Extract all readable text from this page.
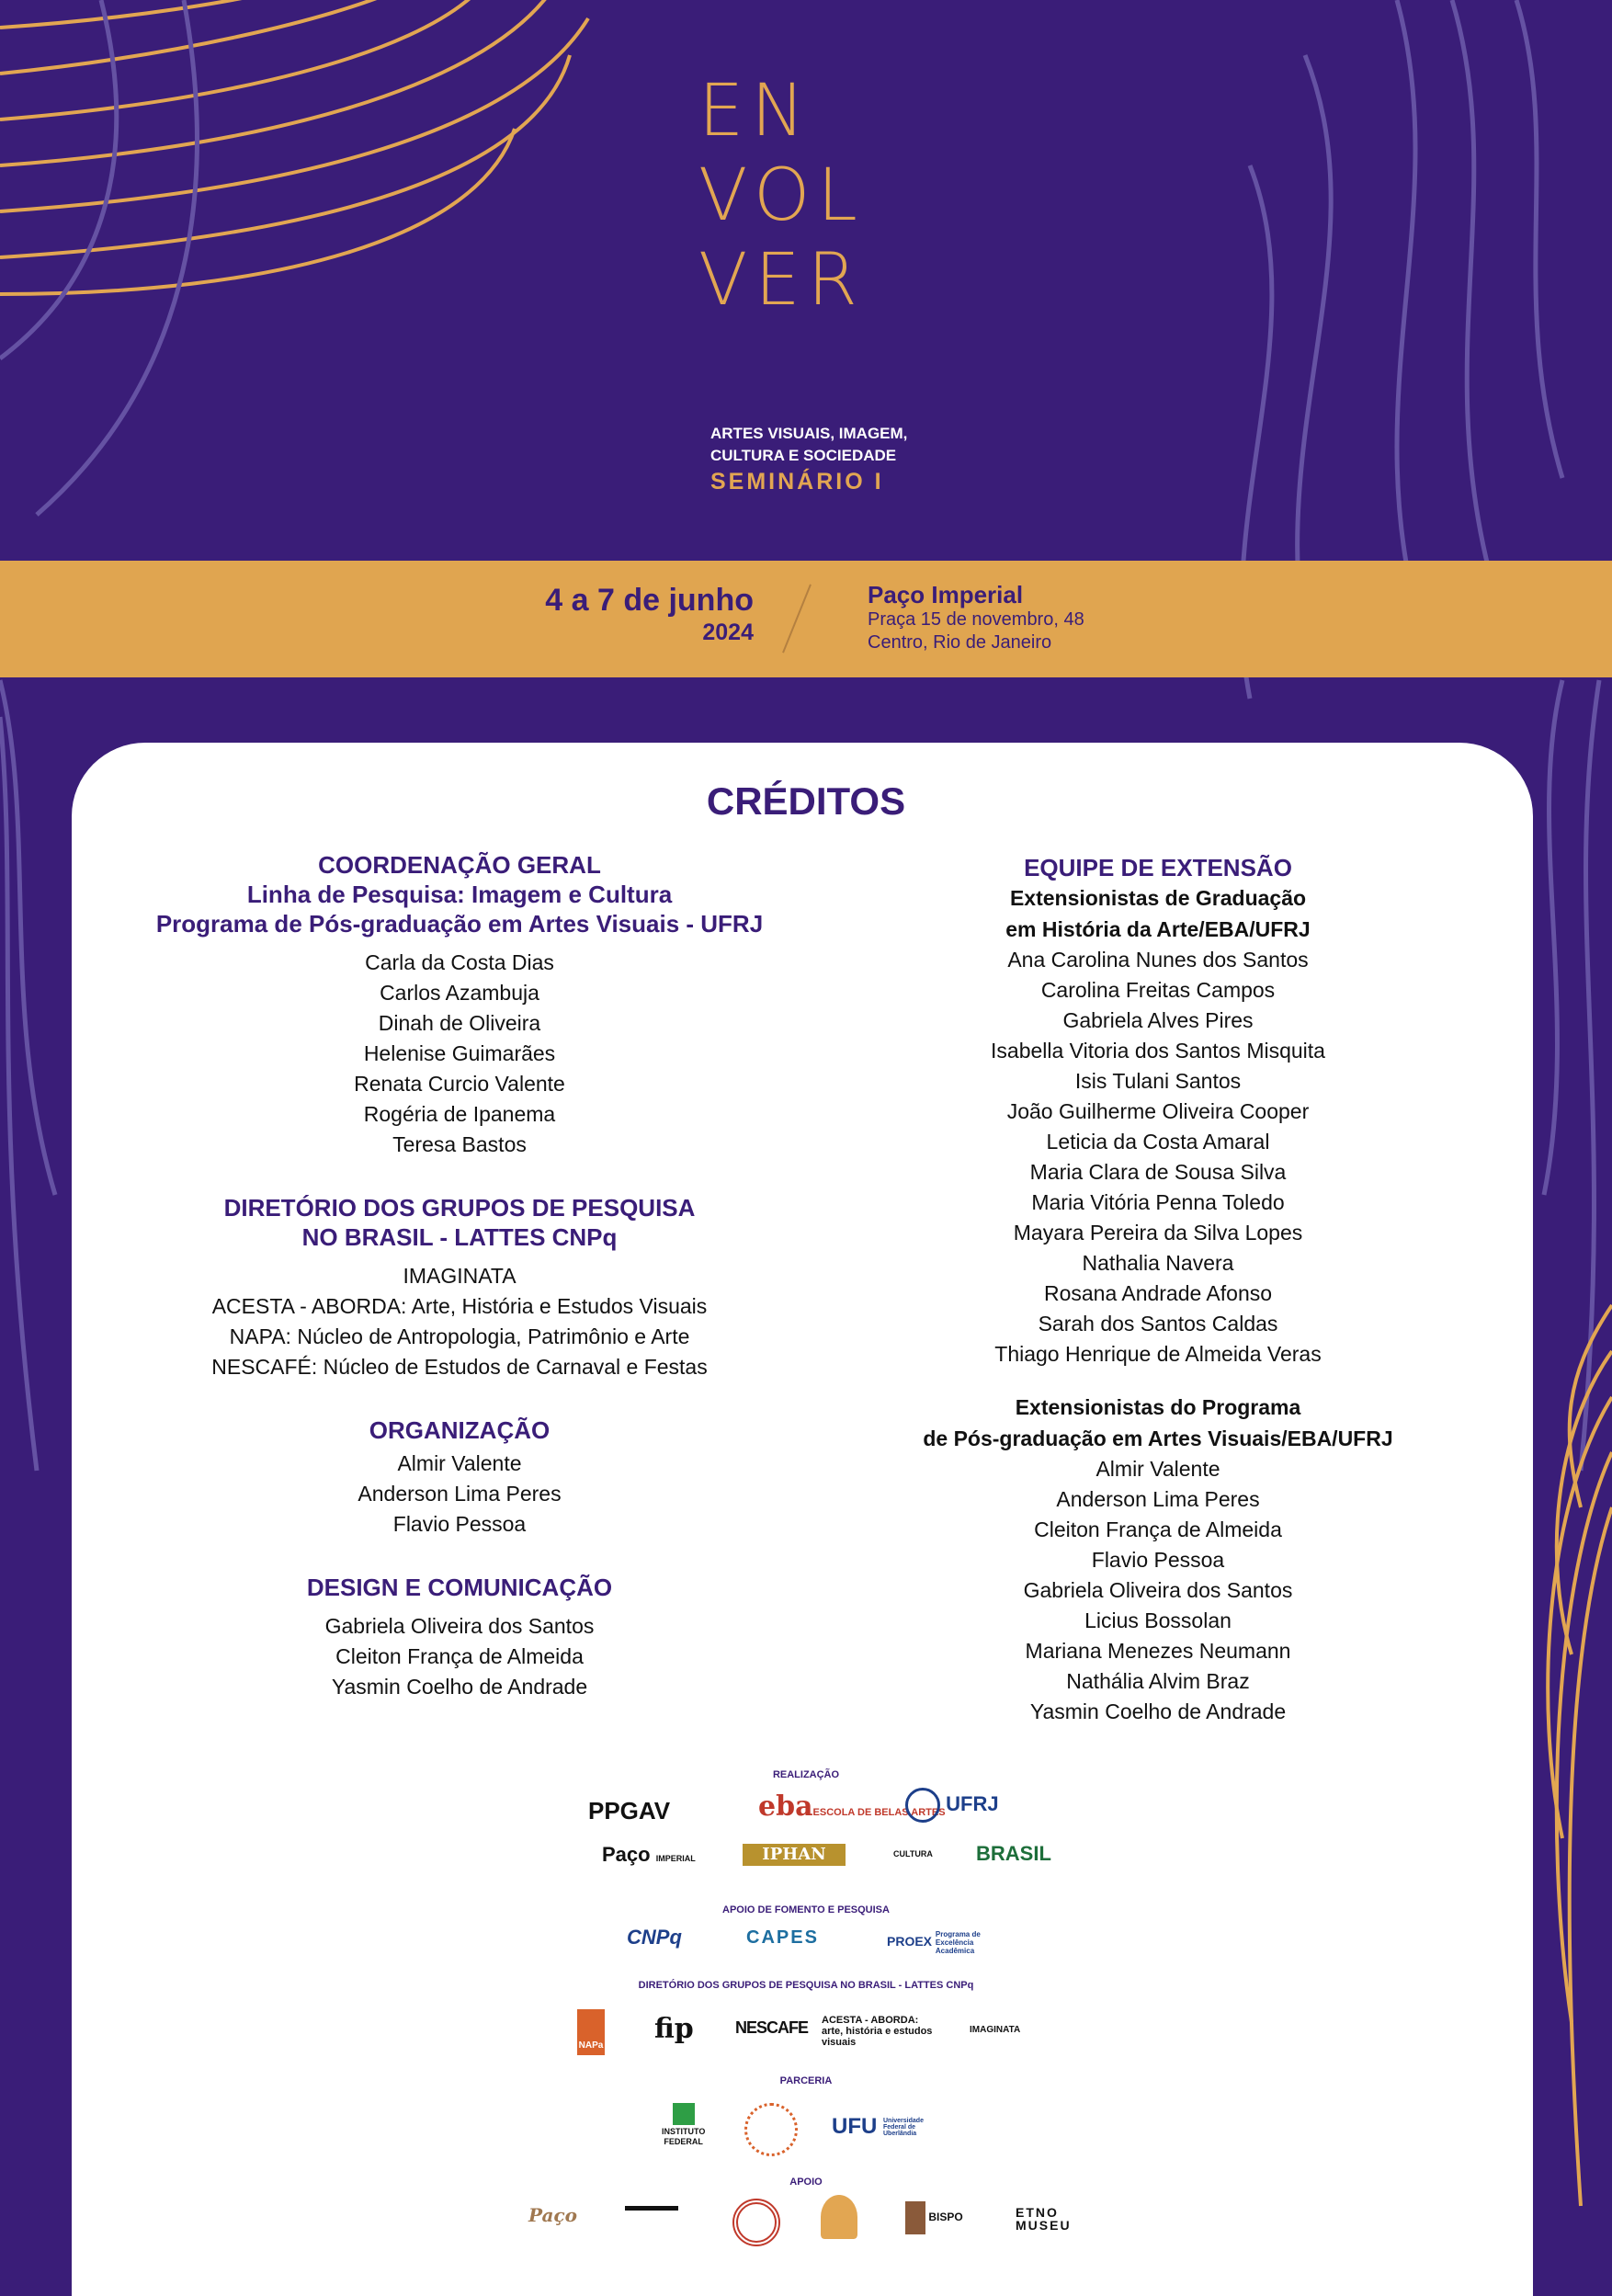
EN

VOL

VER

ARTES VISUAIS, IMAGEM,
CULTURA E SOCIEDADE
SEMINÁRIO I
4 a 7 de junho
2024
Paço Imperial
Praça 15 de novembro, 48
Centro, Rio de Janeiro
CRÉDITOS
COORDENAÇÃO GERAL
Linha de Pesquisa: Imagem e Cultura
Programa de Pós-graduação em Artes Visuais - UFRJ
Carla da Costa Dias
Carlos Azambuja
Dinah de Oliveira
Helenise Guimarães
Renata Curcio Valente
Rogéria de Ipanema
Teresa Bastos
DIRETÓRIO DOS GRUPOS DE PESQUISA
NO BRASIL - LATTES CNPq
IMAGINATA
ACESTA - ABORDA: Arte, História e Estudos Visuais
NAPA: Núcleo de Antropologia, Patrimônio e Arte
NESCAFÉ: Núcleo de Estudos de Carnaval e Festas
ORGANIZAÇÃO
Almir Valente
Anderson Lima Peres
Flavio Pessoa
DESIGN E COMUNICAÇÃO
Gabriela Oliveira dos Santos
Cleiton França de Almeida
Yasmin Coelho de Andrade
EQUIPE DE EXTENSÃO
Extensionistas de Graduação
em História da Arte/EBA/UFRJ
Ana Carolina Nunes dos Santos
Carolina Freitas Campos
Gabriela Alves Pires
Isabella Vitoria dos Santos Misquita
Isis Tulani Santos
João Guilherme Oliveira Cooper
Leticia da Costa Amaral
Maria Clara de Sousa Silva
Maria Vitória Penna Toledo
Mayara Pereira da Silva Lopes
Nathalia Navera
Rosana Andrade Afonso
Sarah dos Santos Caldas
Thiago Henrique de Almeida Veras
Extensionistas do Programa
de Pós-graduação em Artes Visuais/EBA/UFRJ
Almir Valente
Anderson Lima Peres
Cleiton França de Almeida
Flavio Pessoa
Gabriela Oliveira dos Santos
Licius Bossolan
Mariana Menezes Neumann
Nathália Alvim Braz
Yasmin Coelho de Andrade
REALIZAÇÃO
PPGAV	ebaESCOLA DE BELAS ARTES UFRJ
Paço IMPERIAL	IPHAN	CULTURA BRASIL
APOIO DE FOMENTO E PESQUISA
CNPq	CAPES	PROEX Programa de Excelência Acadêmica
DIRETÓRIO DOS GRUPOS DE PESQUISA NO BRASIL - LATTES CNPq
NAPa
fip	NESCAFE ACESTA - ABORDA:
arte, história e estudos
visuais
IMAGINATA
PARCERIA
INSTITUTO
FEDERAL
UFU Universidade Federal de Uberlândia
APOIO
Paço	BISPO	ETNO
MUSEU
